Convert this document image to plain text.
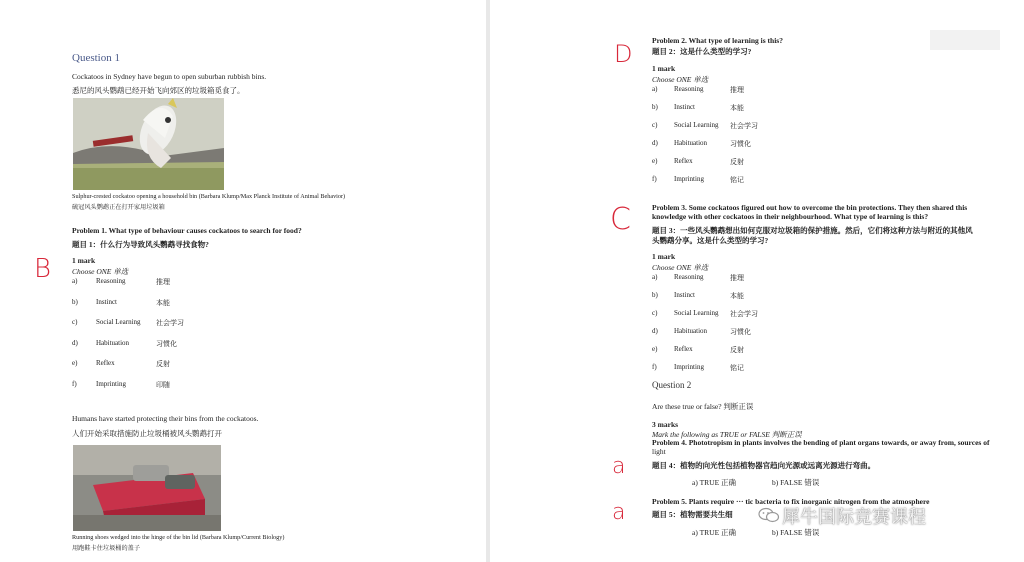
Question 1
Cockatoos in Sydney have begun to open suburban rubbish bins.
悉尼的风头鹦鹉已经开始飞向郊区的垃圾箱觅食了。
Sulphur-crested cockatoo opening a household bin (Barbara Klump/Max Planck Institute of Animal Behavior)
硫冠风头鹦鹉正在打开家用垃圾箱
Problem 1. What type of behaviour causes cockatoos to search for food?
题目 1：什么行为导致风头鹦鹉寻找食物?
1 mark
Choose ONE 单选
a)	Reasoning	推理
b)	Instinct	本能
c)	Social Learning 社会学习
d)	Habituation	习惯化
e)	Reflex	反射
f)	Imprinting	印随
Humans have started protecting their bins from the cockatoos.
人们开始采取措施防止垃圾桶被风头鹦鹉打开
Running shoes wedged into the hinge of the bin lid (Barbara Klump/Current Biology)
用跑鞋卡住垃圾桶的盖子
B
Problem 2. What type of learning is this?
题目 2：这是什么类型的学习?
1 mark
Choose ONE 单选
a) Reasoning	推理
b) Instinct	本能
c) Social Learning 社会学习
d) Habituation	习惯化
e) Reflex	反射
f) Imprinting	铭记
D
Problem 3. Some cockatoos figured out how to overcome the bin protections. They then shared this
knowledge with other cockatoos in their neighbourhood. What type of learning is this?
题目 3：一些风头鹦鹉想出如何克服对垃圾箱的保护措施。然后，它们将这种方法与附近的其他风
头鹦鹉分享。这是什么类型的学习?
1 mark
Choose ONE 单选
a) Reasoning	推理
b) Instinct	本能
c) Social Learning 社会学习
d) Habituation	习惯化
e) Reflex	反射
f) Imprinting	铭记
C
Question 2
Are these true or false? 判断正误
3 marks
Mark the following as TRUE or FALSE 判断正误
Problem 4. Phototropism in plants involves the bending of plant organs towards, or away from, sources of
light
题目 4：植物的向光性包括植物器官趋向光源或远离光源进行弯曲。
a) TRUE 正确	b) FALSE 错误
a
Problem 5. Plants require ··· tic bacteria to fix inorganic nitrogen from the atmosphere
题目 5：植物需要共生细
a) TRUE 正确	b) FALSE 错误
a	犀牛国际竞赛课程
